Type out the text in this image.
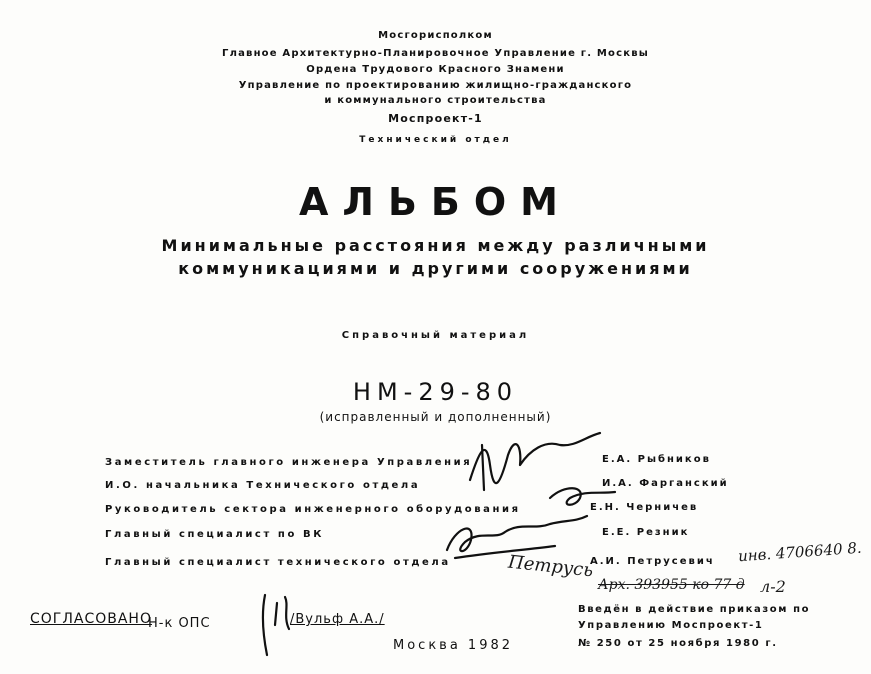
Мосгорисполком
Главное Архитектурно-Планировочное Управление г. Москвы
Ордена Трудового Красного Знамени
Управление по проектированию жилищно-гражданского
и коммунального строительства
Моспроект-1
Технический отдел
АЛЬБОМ
Минимальные расстояния между различными
коммуникациями и другими сооружениями
Справочный материал
НМ-29-80
(исправленный и дополненный)
Заместитель главного инженера Управления	Е.А. Рыбников
И.О. начальника Технического отдела	И.А. Фарганский
Руководитель сектора инженерного оборудования	Е.Н. Черничев
Главный специалист по ВК	Е.Е. Резник
Главный специалист технического отдела	А.И. Петрусевич инв. 4706640 8.
Арх. 393955 ко 77 д л-2
Петрусь
СОГЛАСОВАНО
Н-к ОПС	/Вульф А.А./
Москва 1982
Введён в действие приказом по
Управлению Моспроект-1
№ 250 от 25 ноября 1980 г.
